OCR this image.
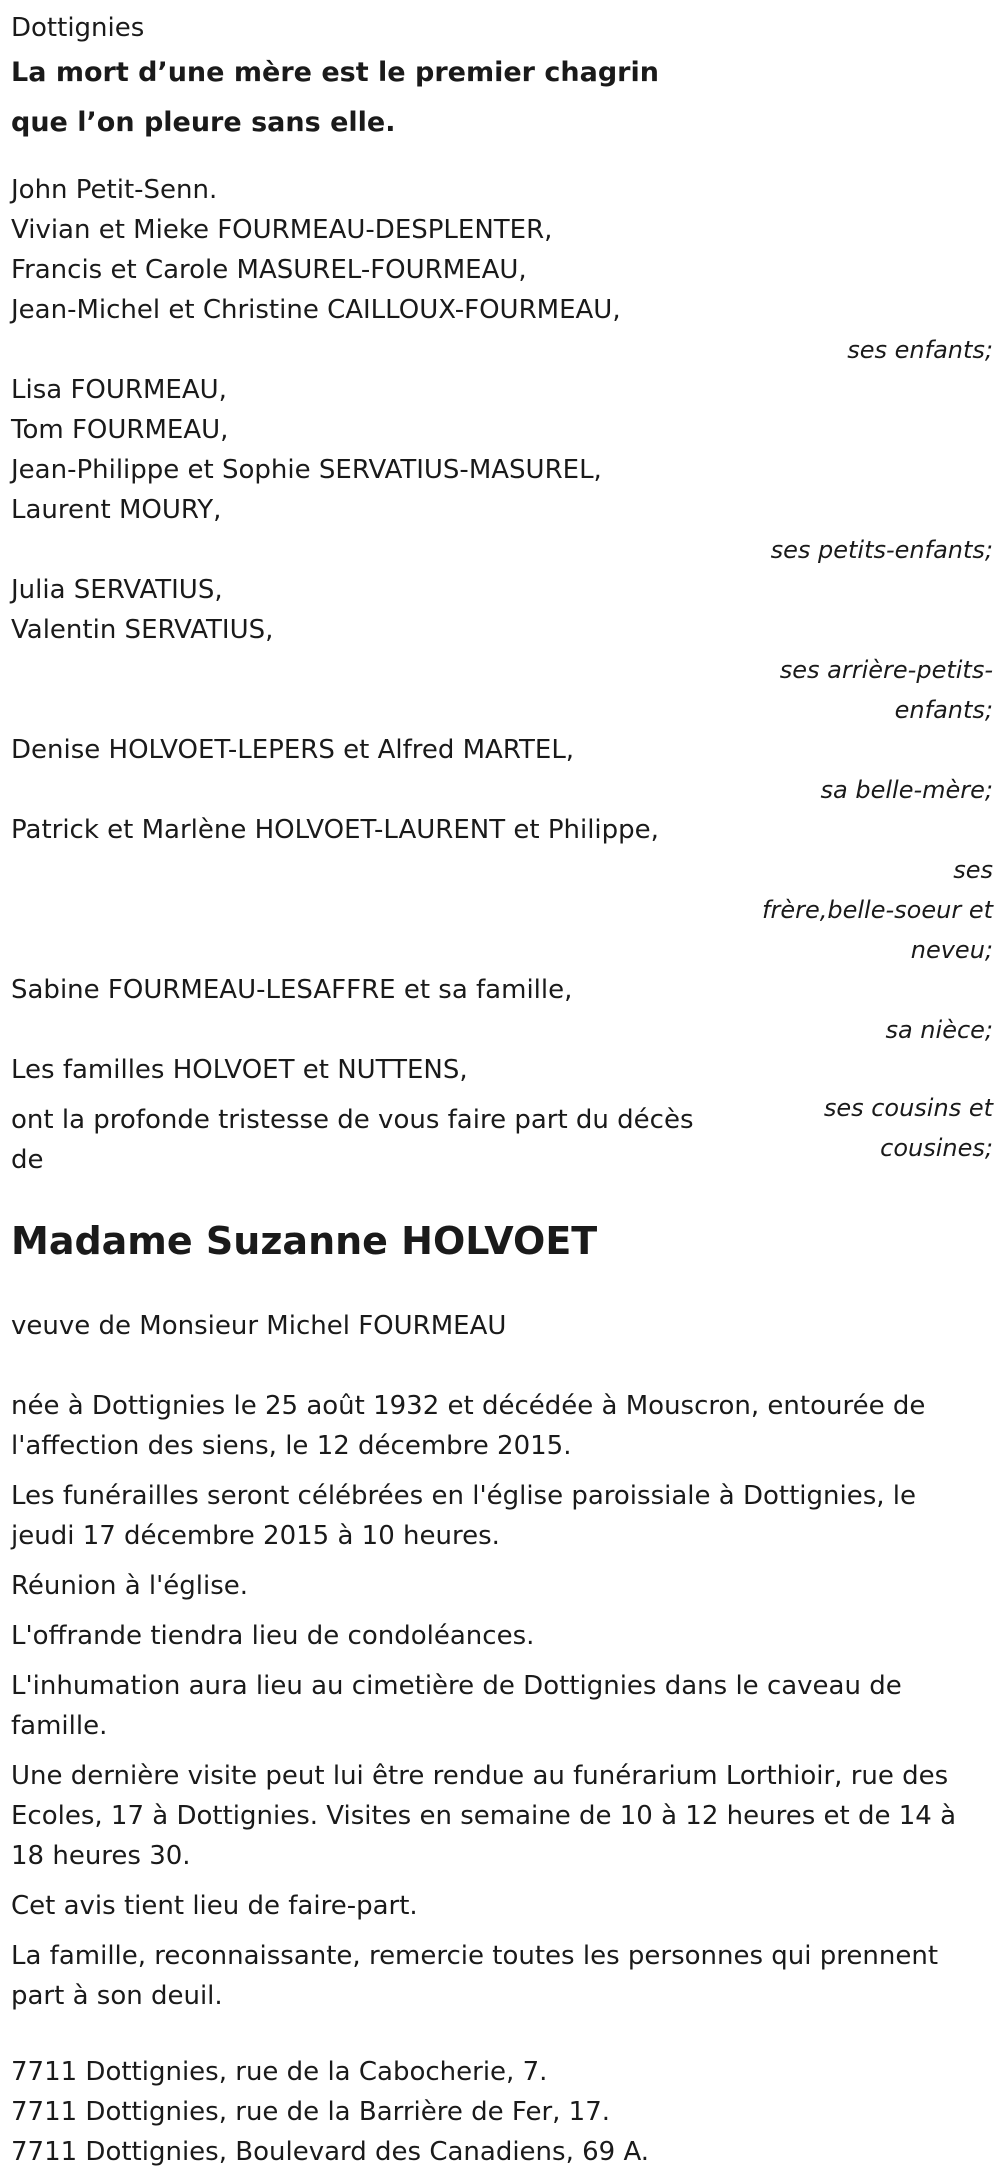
Dottignies
La mort d’une mère est le premier chagrin
que l’on pleure sans elle.
John Petit-Senn.
Vivian et Mieke FOURMEAU-DESPLENTER,
Francis et Carole MASUREL-FOURMEAU,
Jean-Michel et Christine CAILLOUX-FOURMEAU,
ses enfants;
Lisa FOURMEAU,
Tom FOURMEAU,
Jean-Philippe et Sophie SERVATIUS-MASUREL,
Laurent MOURY,
ses petits-enfants;
Julia SERVATIUS,
Valentin SERVATIUS,
ses arrière-petits-
enfants;
Denise HOLVOET-LEPERS et Alfred MARTEL,
sa belle-mère;
Patrick et Marlène HOLVOET-LAURENT et Philippe,
ses
frère,belle-soeur et
neveu;
Sabine FOURMEAU-LESAFFRE et sa famille,
sa nièce;
Les familles HOLVOET et NUTTENS,
ses cousins et
cousines;
ont la profonde tristesse de vous faire part du décès
de
Madame Suzanne HOLVOET
veuve de Monsieur Michel FOURMEAU
née à Dottignies le 25 août 1932 et décédée à Mouscron, entourée de l'affection des siens, le 12 décembre 2015.
Les funérailles seront célébrées en l'église paroissiale à Dottignies, le jeudi 17 décembre 2015 à 10 heures.
Réunion à l'église.
L'offrande tiendra lieu de condoléances.
L'inhumation aura lieu au cimetière de Dottignies dans le caveau de famille.
Une dernière visite peut lui être rendue au funérarium Lorthioir, rue des Ecoles, 17 à Dottignies. Visites en semaine de 10 à 12 heures et de 14 à 18 heures 30.
Cet avis tient lieu de faire-part.
La famille, reconnaissante, remercie toutes les personnes qui prennent part à son deuil.
7711 Dottignies, rue de la Cabocherie, 7.
7711 Dottignies, rue de la Barrière de Fer, 17.
7711 Dottignies, Boulevard des Canadiens, 69 A.
